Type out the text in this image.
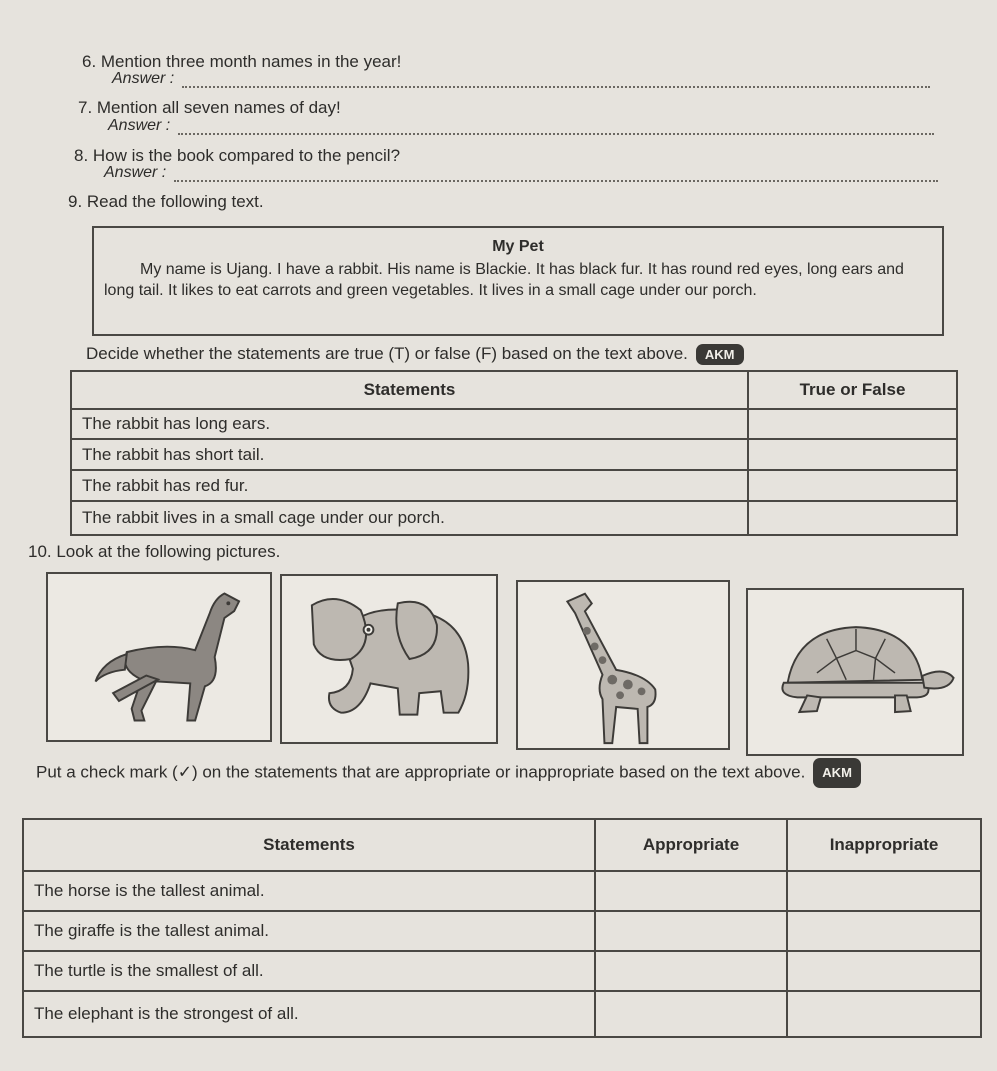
6. Mention three month names in the year!
Answer :
7. Mention all seven names of day!
Answer :
8. How is the book compared to the pencil?
Answer :
9. Read the following text.
My Pet
My name is Ujang. I have a rabbit. His name is Blackie. It has black fur. It has round red eyes, long ears and long tail. It likes to eat carrots and green vegetables. It lives in a small cage under our porch.
Decide whether the statements are true (T) or false (F) based on the text above. AKM
Statements	True or False
The rabbit has long ears.	
The rabbit has short tail.	
The rabbit has red fur.	
The rabbit lives in a small cage under our porch.	
10. Look at the following pictures.
Put a check mark (✓) on the statements that are appropriate or inappropriate based on the text above. AKM
Statements	Appropriate	Inappropriate
The horse is the tallest animal.		
The giraffe is the tallest animal.		
The turtle is the smallest of all.		
The elephant is the strongest of all.		
